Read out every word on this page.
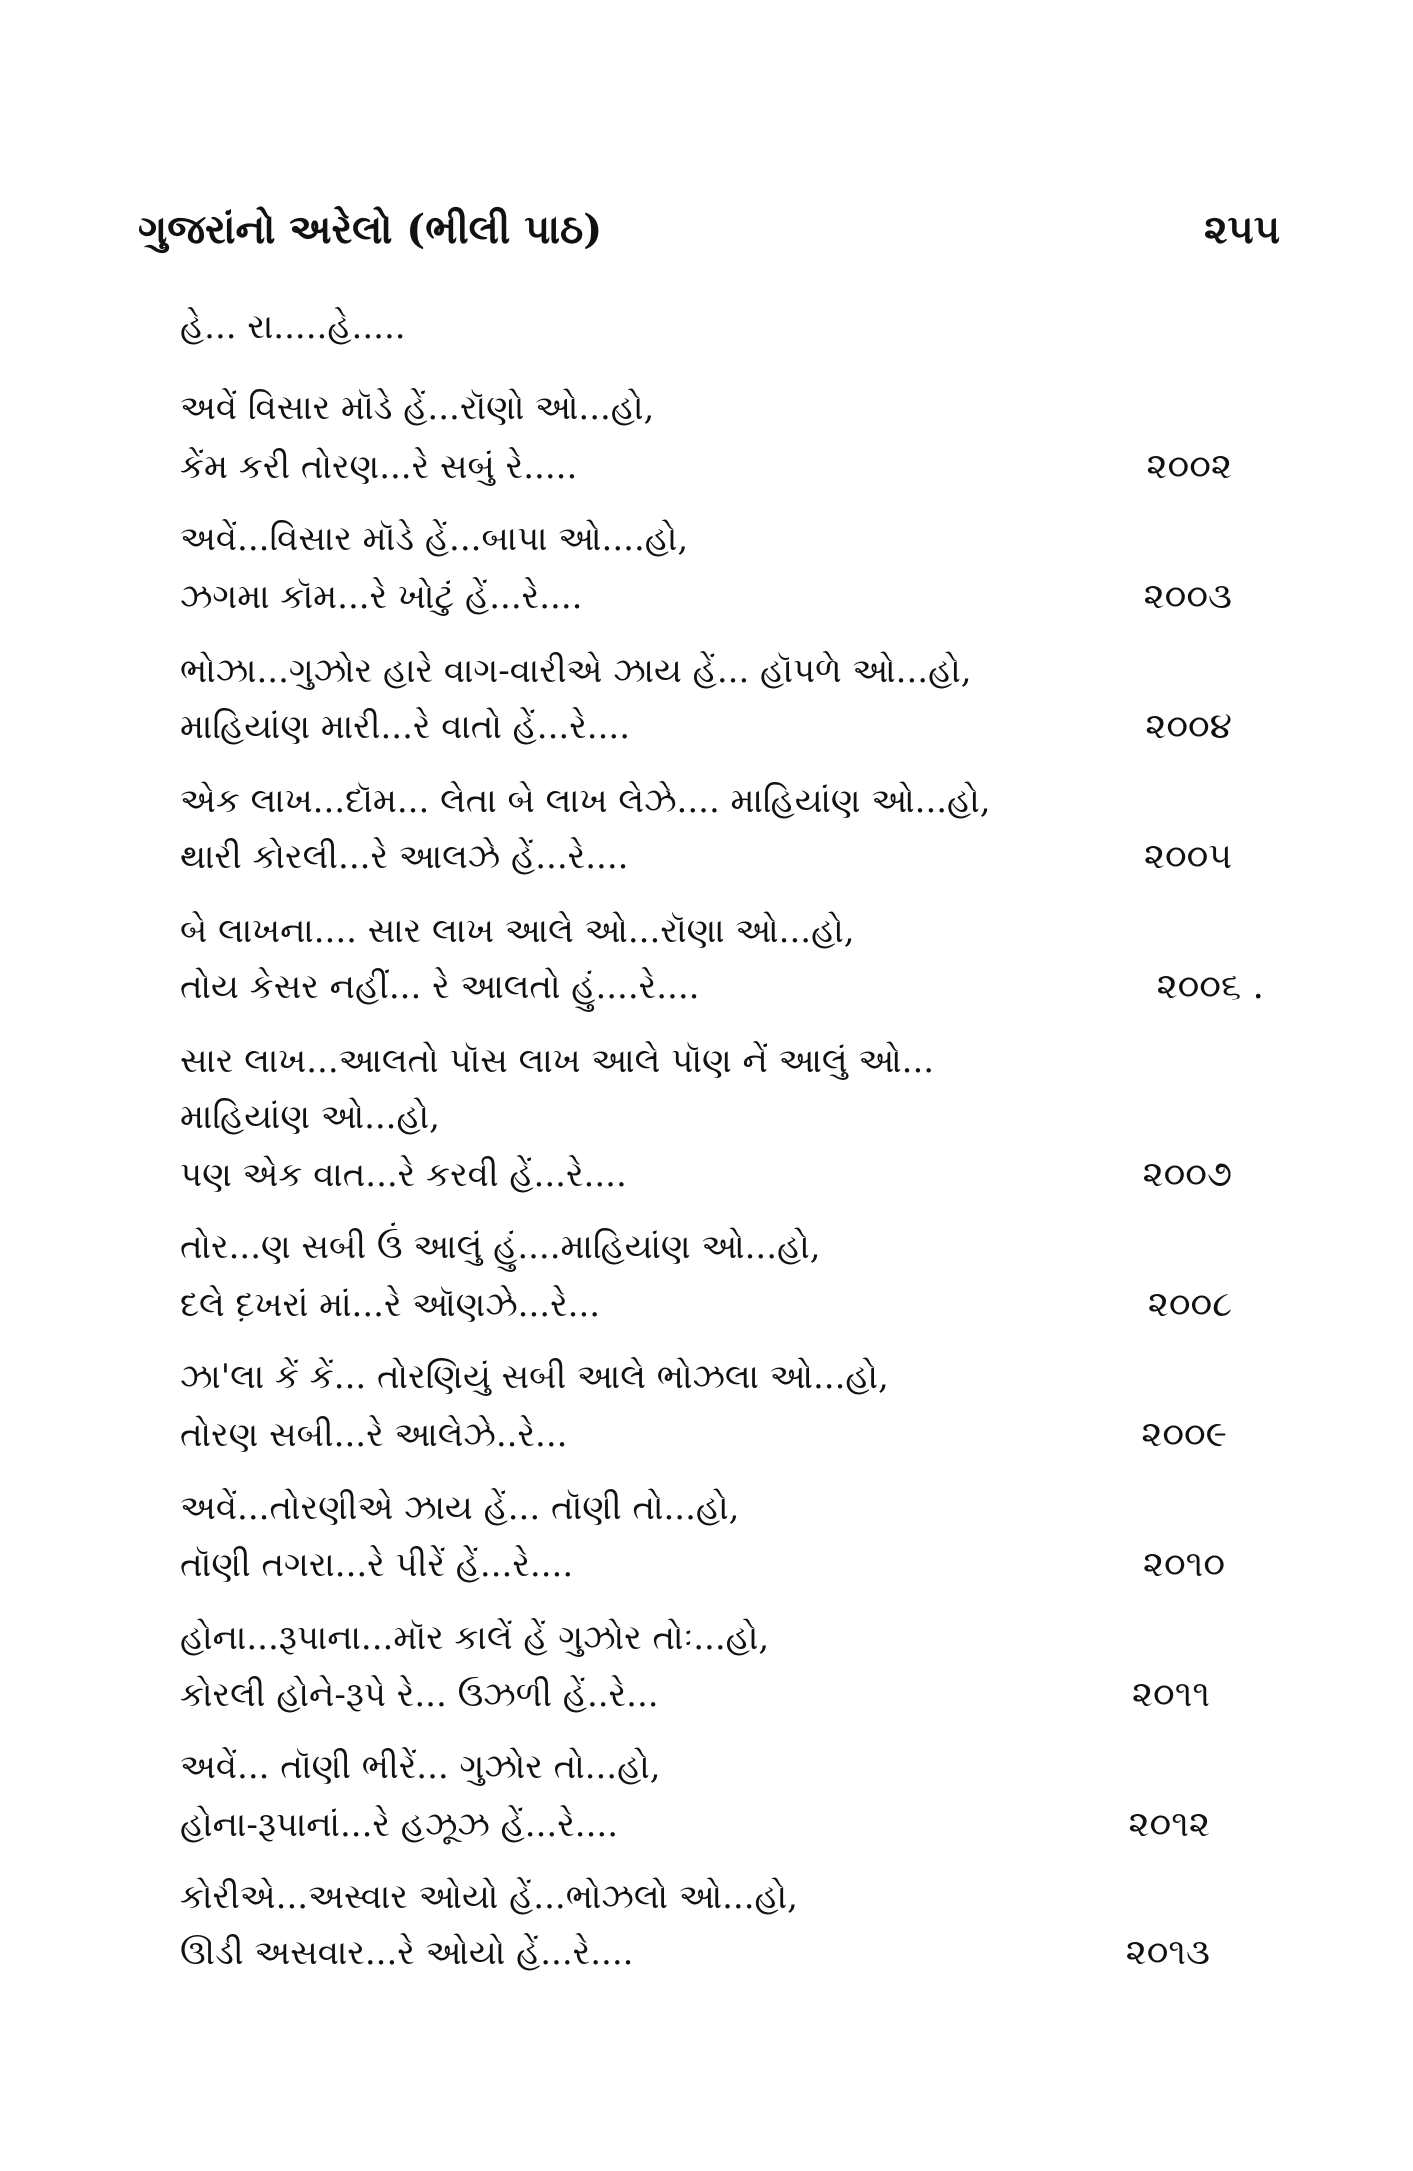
ગુજરાંનો અરેલો (ભીલી પાઠ)	૨૫૫
હે... રા.....હે.....
અવેં વિસાર મૉડે હેં...રૉણો ઓ...હો,
કેંમ કરી તોરણ...રે સબું રે.....	૨૦૦૨
અવેં...વિસાર મૉડે હેં...બાપા ઓ....હો,
ઝગમા કૉમ...રે ખોટું હેં...રે....	૨૦૦૩
ભોઝા...ગુઝોર હારે વાગ-વારીએ ઝાય હેં... હૉપળે ઓ...હો,
માહિયાંણ મારી...રે વાતો હેં...રે....	૨૦૦૪
એક લાખ...દૉમ... લેતા બે લાખ લેઝે.... માહિયાંણ ઓ...હો,
થારી કોરલી...રે આલઝે હેં...રે....	૨૦૦૫
બે લાખના.... સાર લાખ આલે ઓ...રૉણા ઓ...હો,
તોય કેસર નહીં... રે આલતો હું....રે....	૨૦૦૬ .
સાર લાખ...આલતો પૉસ લાખ આલે પૉણ નેં આલું ઓ...
માહિયાંણ ઓ...હો,
પણ એક વાત...રે કરવી હેં...રે....	૨૦૦૭
તોર...ણ સબી ઉં આલું હું....માહિયાંણ ઓ...હો,
દલે દ઼ખરાં માં...રે ઑણઝે...રે...	૨૦૦૮
ઝા'લા કેં કેં... તોરણિયું સબી આલે ભોઝલા ઓ...હો,
તોરણ સબી...રે આલેઝે..રે...	૨૦૦૯
અવેં...તોરણીએ ઝાય હેં... તૉણી તો...હો,
તૉણી તગરા...રે પીરેં હેં...રે....	૨૦૧૦
હોના...રૂપાના...મૉર કાલેં હેં ગુઝોર તોઃ...હો,
કોરલી હોને-રૂપે રે... ઉઝળી હેં..રે...	૨૦૧૧
અવેં... તૉણી ભીરેં... ગુઝોર તો...હો,
હોના-રૂપાનાં...રે હઝૂઝ હેં...રે....	૨૦૧૨
કોરીએ...અસ્વાર ઓયો હેં...ભોઝલો ઓ...હો,
ઊડી અસવાર...રે ઓયો હેં...રે....	૨૦૧૩
